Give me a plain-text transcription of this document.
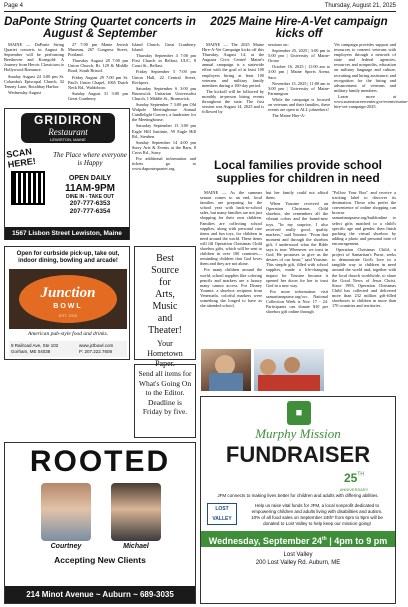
Page 4	Thursday, August 21, 2025
DaPonte String Quartet concerts in August & September

MAINE — DaPonte String Quartet concerts in August & September will be performing Beethoven and Korngold: A Journey from Heroic Classicism to Hollywood Romance.

Sunday August 24 3:00 pm St. Columba's Episcopal Church, 32 Tenney Lane, Boothbay Harbor.

Wednesday August

27 7:00 pm Maine Jewish Museum, 267 Congress Street, Portland.

Thursday August 28 7:00 pm Union Church, Rt. 129 & Middle Road, South Bristol.

Friday August 29 7:00 pm St. Paul's Union Chapel, 1065 Dutch Neck Rd., Waldoboro.

Sunday August 31 3:00 pm Great Cranberry

Island Church, Great Cranberry Island.

Thursday September 4 7:00 pm First Church in Belfast, UUC, 8 Court St., Belfast.

Friday September 5 7:00 pm Union Hall, 22 Central Street, Rockport.

Saturday September 6 3:00 pm Brunswick Unitarian Universalist Church, 1 Middle St., Brunswick.

Sunday September 7 3:00 pm Old Walpole Meetinghouse Annual Candlelight Concert, a fundraiser for the Meetinghouse.

Saturday September 13 3:00 pm Eagle Hill Institute, 59 Eagle Hill Rd., Steuben.

Sunday September 14 4:00 pm Surry Arts & Events at the Barn, 8 Cross Rd., Surry.

For additional information and tickets go to www.dapontequartet.org.

2025 Maine Hire-A-Vet campaign kicks off

MAINE — The 2025 Maine Hire-A-Vet Campaign kicks off this Thursday, August 14, at the Augusta Civic Center! Maine's annual campaign is a statewide effort with the goal of at least 100 employers hiring at least 100 veterans and military family members during a 100-day period.

The kickoff will be followed by monthly in-person hiring events throughout the state. The first session was August 14, 2025 and is followed by

sessions on:

September 25, 2025 | 3:00 pm to 5:00 pm | University of Maine-Orono

October 16, 2025 | 11:00 am to 3:00 pm | Maine Sports Arena, Saco

November 13, 2025 | 11:00 am to 3:00 pm | University of Maine-Farmington

While the campaign is focused on veterans and their families, these events are open to ALL jobseekers!

The Maine Hire-A-

Vet campaign provides support and resources to connect veterans with employers through a network of state and federal agencies, resources and nonprofits, education on military language and culture, recruiting and hiring assistance, and recognition for the hiring and advancement of veterans and military family members.

Learn more at www.mainecareercenter.gov/events/maine-hire-vet-campaign-2025.

Local families provide school supplies for children in need

MAINE — As the summer season comes to an end, local families are preparing for the school year with back-to-school sales, but many families are not just shopping for their own children. Families are collecting school supplies, along with personal care items and fun toys, for children in need around the world. These items will fill Operation Christmas Child shoebox gifts, which will be sent to children in over 100 countries—reminding children that God loves them and they are not alone.

For many children around the world, school supplies like coloring pencils and markers are a luxury many cannot access. For Disney Youmie, a shoebox recipient from Venezuela, colorful markers were something she longed to have as she attended school,

but her family could not afford them.

When Yousine received an Operation Christmas Child shoebox, she remembers all the vibrant colors and the brand-new toys. "In my surprise, I also received really good, quality markers," said Yousine. "From that moment and through the shoebox gift, I understood what the Bible says is true: Whenever we trust in God, He promises to give us the desires of our heart," said Yousine. This simple gift, filled with school supplies, made a life-changing impact for Yousine because it opened her doors for her to trust God in a new way.

For more information visit samaritanspurse.org/occ. National Collection Week is Nov. 17 - 24. Participants can donate $10 per shoebox gift online through

"Follow Your Box" and receive a tracking label to discover its destination. Those who prefer the convenience of online shopping can browse samaritanspurse.org/buildonline to select gifts matched to a child's specific age and gender, then finish packing the virtual shoebox by adding a photo and personal note of encouragement.

Operation Christmas Child, a project of Samaritan's Purse, seeks to demonstrate God's love in a tangible way to children in need around the world and, together with the local church worldwide, to share the Good News of Jesus Christ. Since 1993, Operation Christmas Child has collected and delivered more than 232 million gift-filled shoeboxes to children in more than 170 countries and territories.

GRIDIRON
Restaurant
LEWISTON, MAINE
SCAN HERE!
The Place where everyone is Happy
OPEN DAILY
11AM-9PM
DINE IN - TAKE OUT
207-777-6353
207-777-6354
1567 Lisbon Street Lewiston, Maine
Best
Source
for
Arts,
Music
and
Theater!
Your
Hometown
Paper.
Open for curbside pick-up, take out, indoor dining, bowling and arcade!
Junction
BOWL
EST. 2019
American pub-style food and drinks.
9 Railroad Ave, Ste 102 Gorham, ME 04038
www.jctbowl.com
P: 207.222.7608
Send all items for What's Going On to the Editor. Deadline is Friday by five.
ROOTED
Courtney	Michael
Accepting New Clients
214 Minot Avenue ~ Auburn ~ 689-3035
■
Murphy Mission
FUNDRAISER
25TH
ANNIVERSARY
JFM connects to making lives better for children and adults with differing abilities.
LOST VALLEY
Help us raise vital funds for JFM, a local nonprofit dedicated to empowering children and adults living with disabilities and autism.
10% of all food sales on September 24th* from 6pm to 9pm will be donated to Lost Valley to help keep our mission going!
Wednesday, September 24th | 4pm to 9 pm
Lost Valley
200 Lost Valley Rd. Auburn, ME
